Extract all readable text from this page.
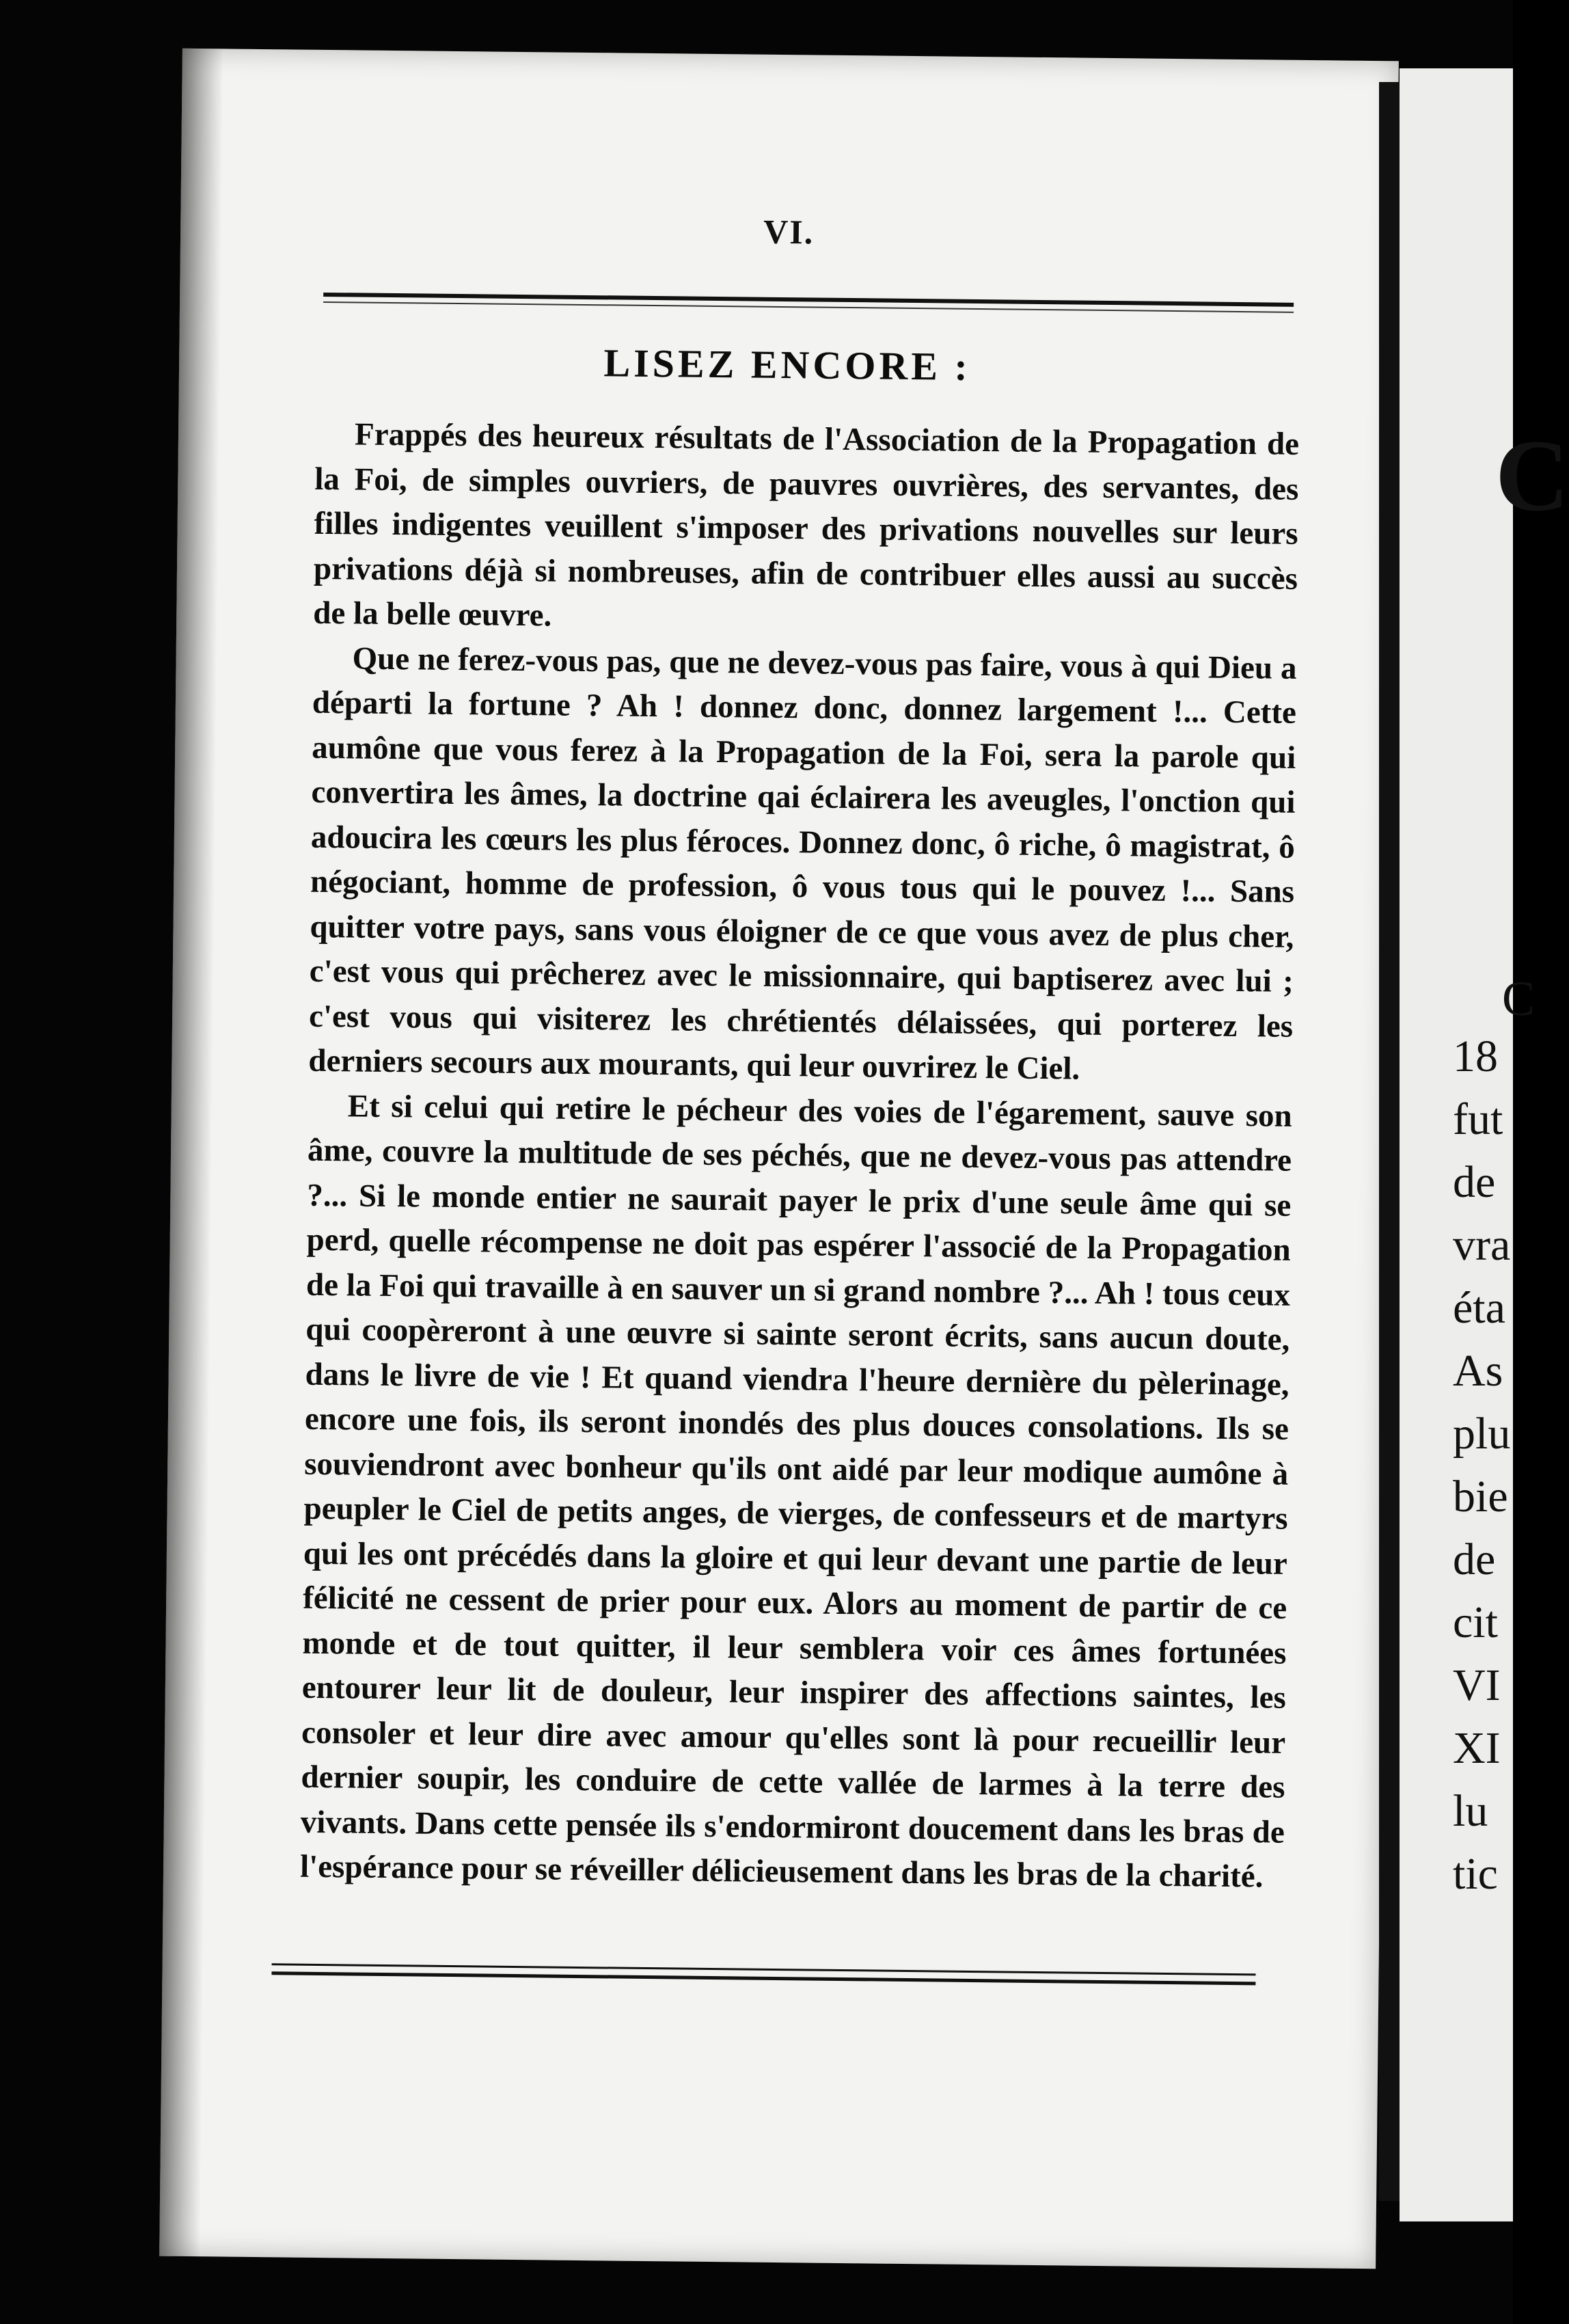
VI.
LISEZ ENCORE :

Frappés des heureux résultats de l'Association de la Propagation de la Foi, de simples ouvriers, de pauvres ouvrières, des servantes, des filles indigentes veuillent s'imposer des privations nouvelles sur leurs privations déjà si nombreuses, afin de contribuer elles aussi au succès de la belle œuvre.

Que ne ferez-vous pas, que ne devez-vous pas faire, vous à qui Dieu a départi la fortune ? Ah ! donnez donc, donnez largement !... Cette aumône que vous ferez à la Propagation de la Foi, sera la parole qui convertira les âmes, la doctrine qai éclairera les aveugles, l'onction qui adoucira les cœurs les plus féroces. Donnez donc, ô riche, ô magistrat, ô négociant, homme de profession, ô vous tous qui le pouvez !... Sans quitter votre pays, sans vous éloigner de ce que vous avez de plus cher, c'est vous qui prêcherez avec le missionnaire, qui baptiserez avec lui ; c'est vous qui visiterez les chrétientés délaissées, qui porterez les derniers secours aux mourants, qui leur ouvrirez le Ciel.

Et si celui qui retire le pécheur des voies de l'égarement, sauve son âme, couvre la multitude de ses péchés, que ne devez-vous pas attendre ?... Si le monde entier ne saurait payer le prix d'une seule âme qui se perd, quelle récompense ne doit pas espérer l'associé de la Propagation de la Foi qui travaille à en sauver un si grand nombre ?... Ah ! tous ceux qui coopèreront à une œuvre si sainte seront écrits, sans aucun doute, dans le livre de vie ! Et quand viendra l'heure dernière du pèlerinage, encore une fois, ils seront inondés des plus douces consolations. Ils se souviendront avec bonheur qu'ils ont aidé par leur modique aumône à peupler le Ciel de petits anges, de vierges, de confesseurs et de martyrs qui les ont précédés dans la gloire et qui leur devant une partie de leur félicité ne cessent de prier pour eux. Alors au moment de partir de ce monde et de tout quitter, il leur semblera voir ces âmes fortunées entourer leur lit de douleur, leur inspirer des affections saintes, les consoler et leur dire avec amour qu'elles sont là pour recueillir leur dernier soupir, les conduire de cette vallée de larmes à la terre des vivants. Dans cette pensée ils s'endormiront doucement dans les bras de l'espérance pour se réveiller délicieusement dans les bras de la charité.

C
C
18
fut
de
vra
éta
As
plu
bie
de
cit
VI
XI
lu
tic
